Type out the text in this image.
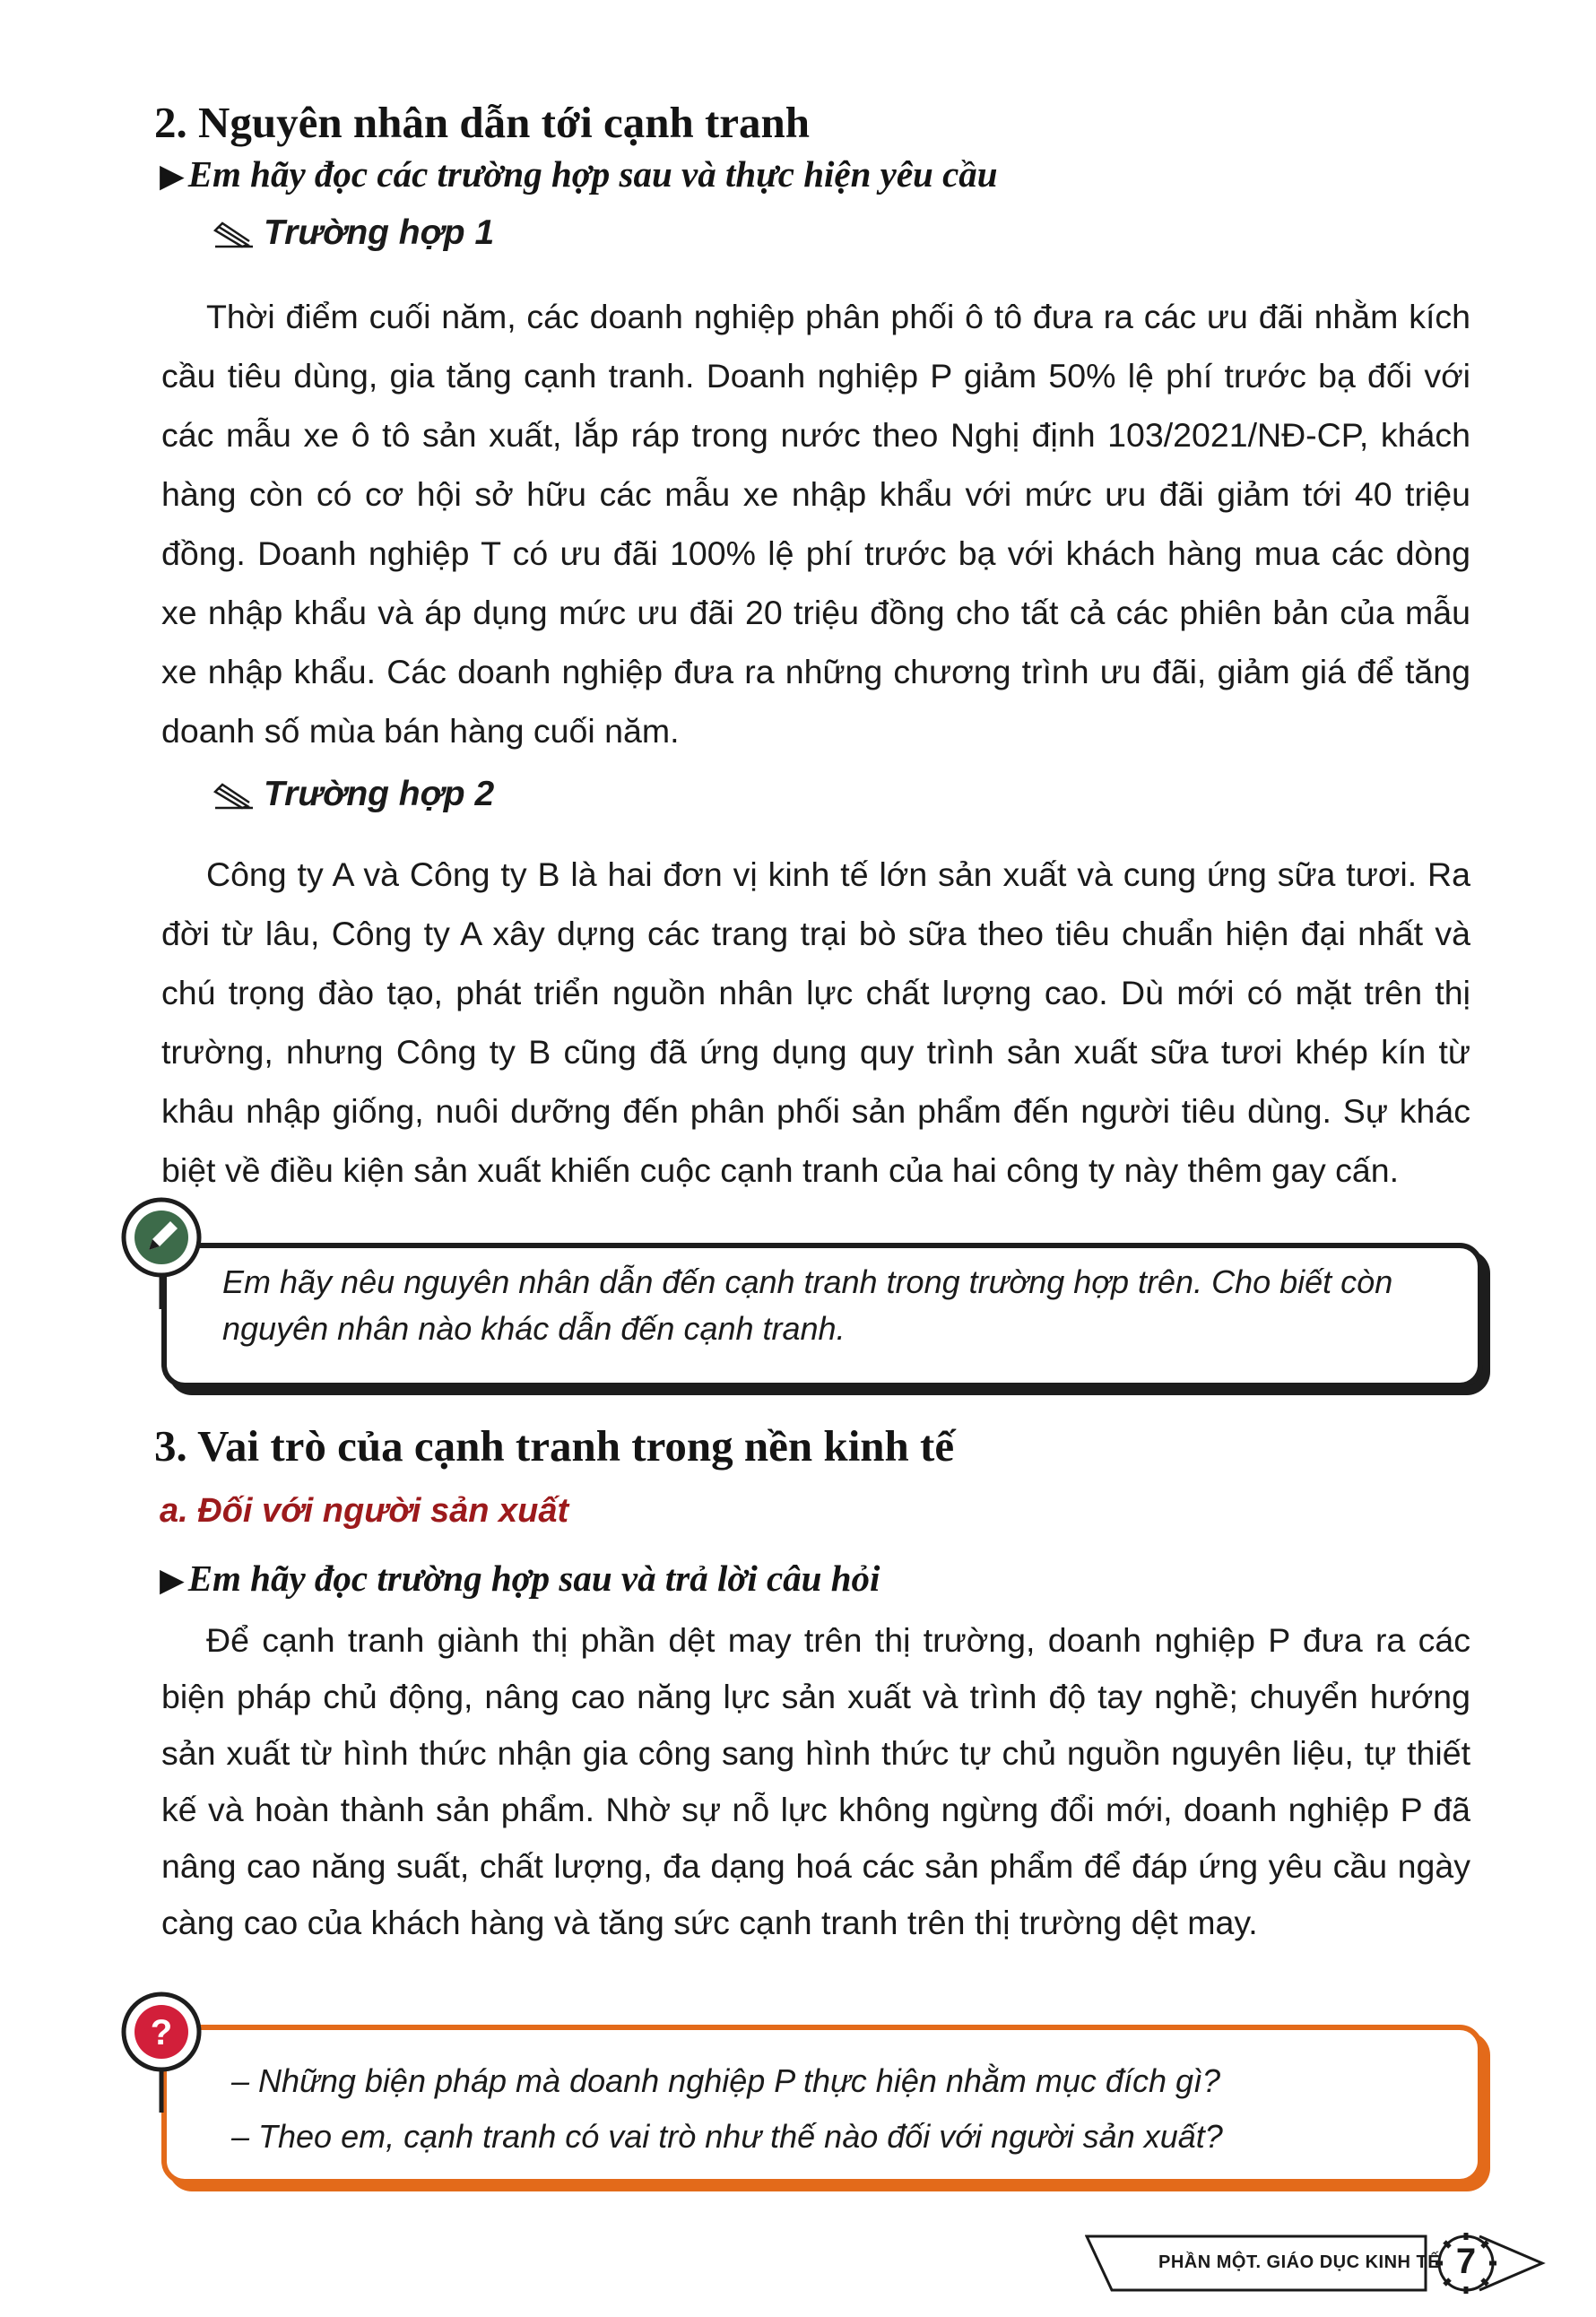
2. Nguyên nhân dẫn tới cạnh tranh
▶Em hãy đọc các trường hợp sau và thực hiện yêu cầu
Trường hợp 1

Thời điểm cuối năm, các doanh nghiệp phân phối ô tô đưa ra các ưu đãi nhằm kích cầu tiêu dùng, gia tăng cạnh tranh. Doanh nghiệp P giảm 50% lệ phí trước bạ đối với các mẫu xe ô tô sản xuất, lắp ráp trong nước theo Nghị định 103/2021/NĐ-CP, khách hàng còn có cơ hội sở hữu các mẫu xe nhập khẩu với mức ưu đãi giảm tới 40 triệu đồng. Doanh nghiệp T có ưu đãi 100% lệ phí trước bạ với khách hàng mua các dòng xe nhập khẩu và áp dụng mức ưu đãi 20 triệu đồng cho tất cả các phiên bản của mẫu xe nhập khẩu. Các doanh nghiệp đưa ra những chương trình ưu đãi, giảm giá để tăng doanh số mùa bán hàng cuối năm.

Trường hợp 2

Công ty A và Công ty B là hai đơn vị kinh tế lớn sản xuất và cung ứng sữa tươi. Ra đời từ lâu, Công ty A xây dựng các trang trại bò sữa theo tiêu chuẩn hiện đại nhất và chú trọng đào tạo, phát triển nguồn nhân lực chất lượng cao. Dù mới có mặt trên thị trường, nhưng Công ty B cũng đã ứng dụng quy trình sản xuất sữa tươi khép kín từ khâu nhập giống, nuôi dưỡng đến phân phối sản phẩm đến người tiêu dùng. Sự khác biệt về điều kiện sản xuất khiến cuộc cạnh tranh của hai công ty này thêm gay cấn.

Em hãy nêu nguyên nhân dẫn đến cạnh tranh trong trường hợp trên. Cho biết còn
nguyên nhân nào khác dẫn đến cạnh tranh.
3. Vai trò của cạnh tranh trong nền kinh tế
a. Đối với người sản xuất
▶Em hãy đọc trường hợp sau và trả lời câu hỏi

Để cạnh tranh giành thị phần dệt may trên thị trường, doanh nghiệp P đưa ra các biện pháp chủ động, nâng cao năng lực sản xuất và trình độ tay nghề; chuyển hướng sản xuất từ hình thức nhận gia công sang hình thức tự chủ nguồn nguyên liệu, tự thiết kế và hoàn thành sản phẩm. Nhờ sự nỗ lực không ngừng đổi mới, doanh nghiệp P đã nâng cao năng suất, chất lượng, đa dạng hoá các sản phẩm để đáp ứng yêu cầu ngày càng cao của khách hàng và tăng sức cạnh tranh trên thị trường dệt may.

?
– Những biện pháp mà doanh nghiệp P thực hiện nhằm mục đích gì?
– Theo em, cạnh tranh có vai trò như thế nào đối với người sản xuất?
PHẦN MỘT. GIÁO DỤC KINH TẾ 7
